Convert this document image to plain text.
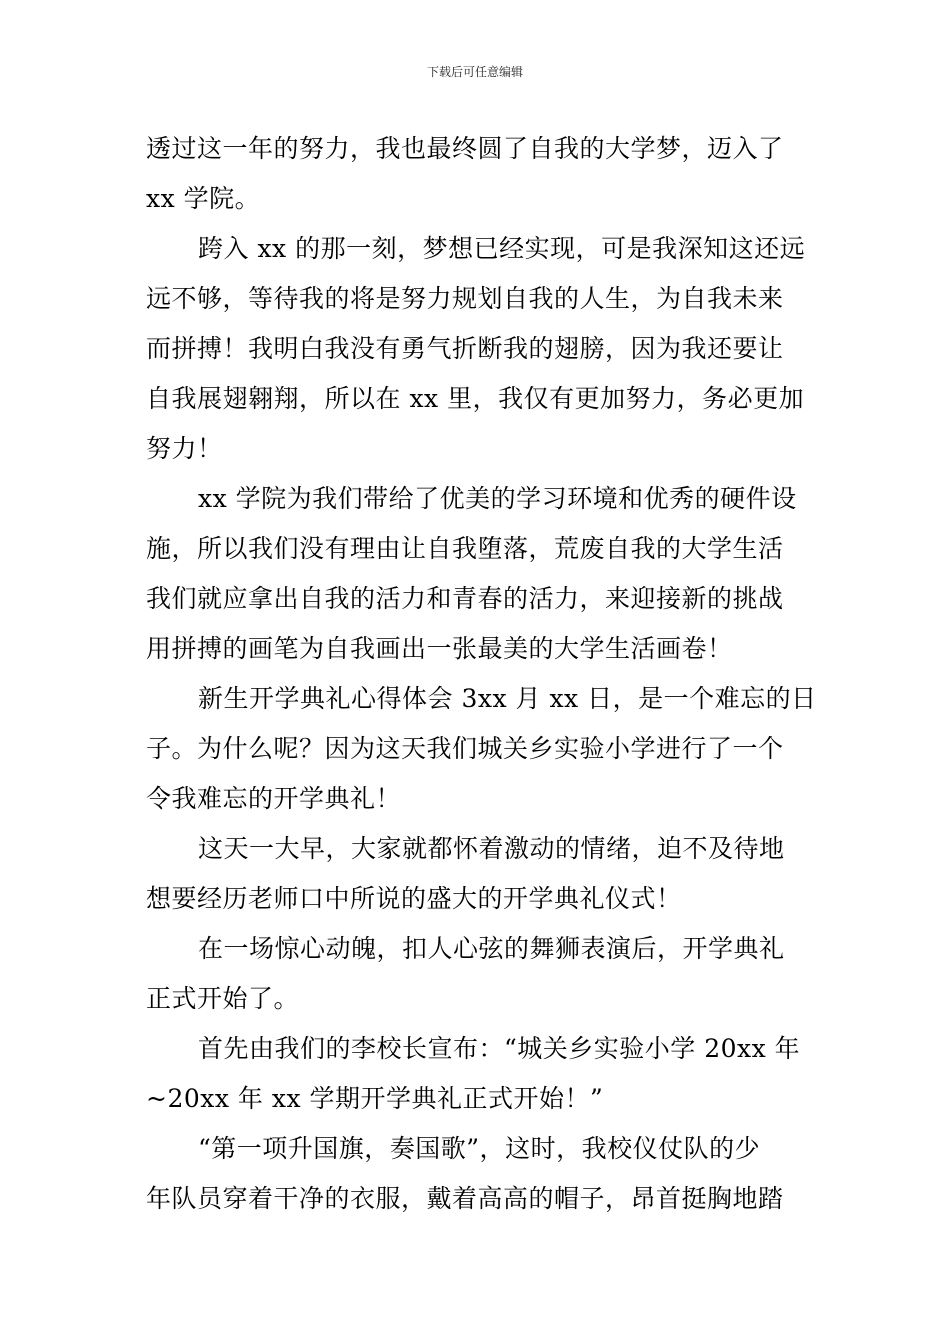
下载后可任意编辑
透过这一年的努力，我也最终圆了自我的大学梦，迈入了
xx 学院。
跨入 xx 的那一刻，梦想已经实现，可是我深知这还远
远不够，等待我的将是努力规划自我的人生，为自我未来
而拼搏！我明白我没有勇气折断我的翅膀，因为我还要让
自我展翅翱翔，所以在 xx 里，我仅有更加努力，务必更加
努力！
xx 学院为我们带给了优美的学习环境和优秀的硬件设
施，所以我们没有理由让自我堕落，荒废自我的大学生活
我们就应拿出自我的活力和青春的活力，来迎接新的挑战
用拼搏的画笔为自我画出一张最美的大学生活画卷！
新生开学典礼心得体会 3xx 月 xx 日，是一个难忘的日
子。为什么呢？因为这天我们城关乡实验小学进行了一个
令我难忘的开学典礼！
这天一大早，大家就都怀着激动的情绪，迫不及待地
想要经历老师口中所说的盛大的开学典礼仪式！
在一场惊心动魄，扣人心弦的舞狮表演后，开学典礼
正式开始了。
首先由我们的李校长宣布：“城关乡实验小学 20xx 年
~20xx 年 xx 学期开学典礼正式开始！”
“第一项升国旗，奏国歌”，这时，我校仪仗队的少
年队员穿着干净的衣服，戴着高高的帽子，昂首挺胸地踏
